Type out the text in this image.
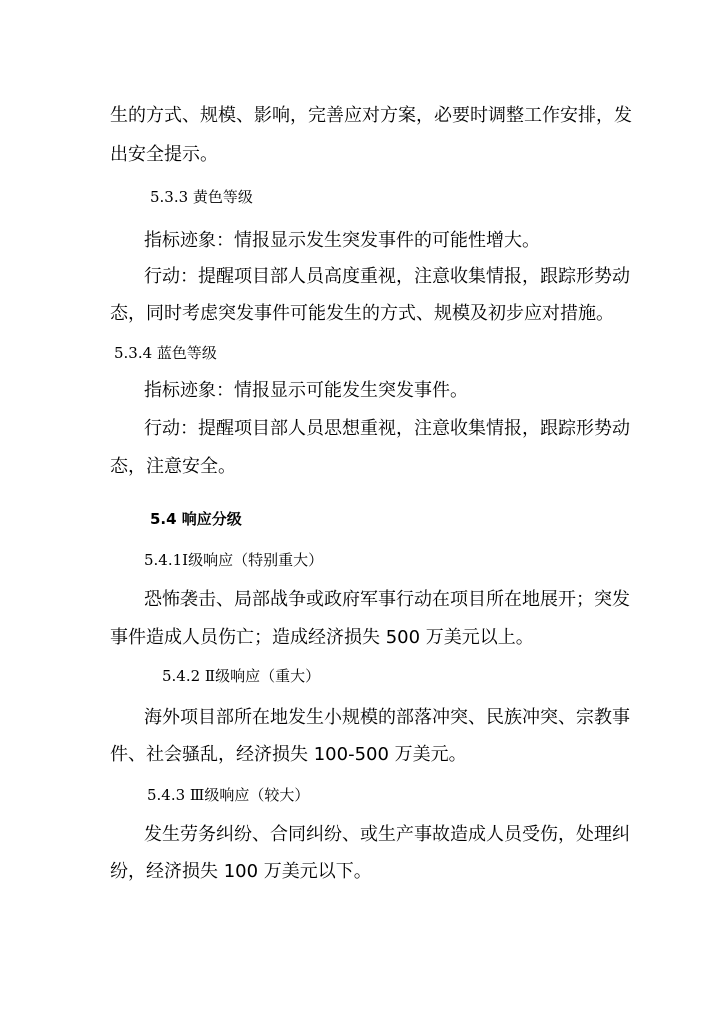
生的方式、规模、影响，完善应对方案，必要时调整工作安排，发
出安全提示。
5.3.3 黄色等级
指标迹象：情报显示发生突发事件的可能性增大。
行动：提醒项目部人员高度重视，注意收集情报，跟踪形势动
态，同时考虑突发事件可能发生的方式、规模及初步应对措施。
5.3.4 蓝色等级
指标迹象：情报显示可能发生突发事件。
行动：提醒项目部人员思想重视，注意收集情报，跟踪形势动
态，注意安全。
5.4 响应分级
5.4.1Ⅰ级响应（特别重大）
恐怖袭击、局部战争或政府军事行动在项目所在地展开；突发
事件造成人员伤亡；造成经济损失 500 万美元以上。
5.4.2 Ⅱ级响应（重大）
海外项目部所在地发生小规模的部落冲突、民族冲突、宗教事
件、社会骚乱，经济损失 100-500 万美元。
5.4.3 Ⅲ级响应（较大）
发生劳务纠纷、合同纠纷、或生产事故造成人员受伤，处理纠
纷，经济损失 100 万美元以下。
